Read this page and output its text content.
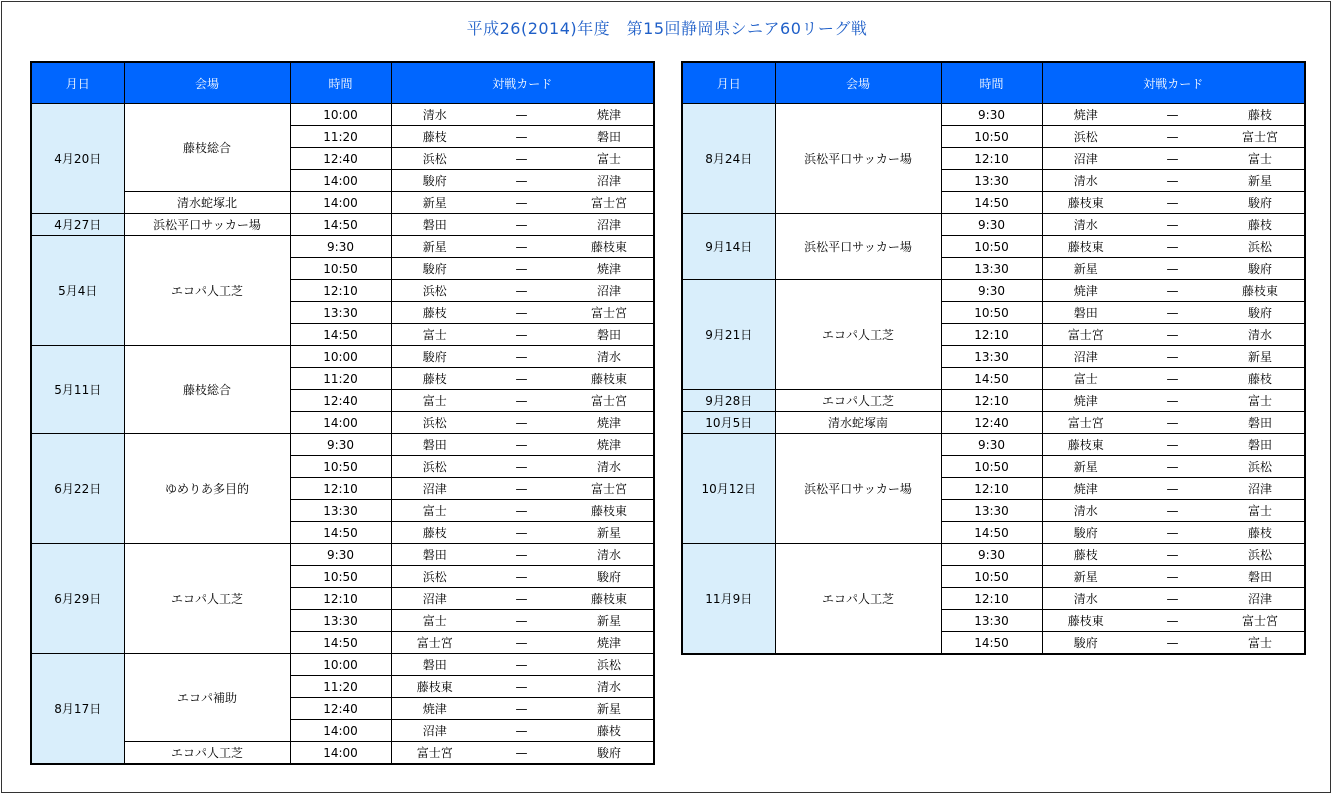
平成26(2014)年度　第15回静岡県シニア60リーグ戦
月日	会場	時間	対戦カード		
4月20日	藤枝総合	10:00	清水	—	焼津
		11:20	藤枝	—	磐田
		12:40	浜松	—	富士
		14:00	駿府	—	沼津
	清水蛇塚北	14:00	新星	—	富士宮
4月27日	浜松平口サッカー場	14:50	磐田	—	沼津
5月4日	エコパ人工芝	9:30	新星	—	藤枝東
		10:50	駿府	—	焼津
		12:10	浜松	—	沼津
		13:30	藤枝	—	富士宮
		14:50	富士	—	磐田
5月11日	藤枝総合	10:00	駿府	—	清水
		11:20	藤枝	—	藤枝東
		12:40	富士	—	富士宮
		14:00	浜松	—	焼津
6月22日	ゆめりあ多目的	9:30	磐田	—	焼津
		10:50	浜松	—	清水
		12:10	沼津	—	富士宮
		13:30	富士	—	藤枝東
		14:50	藤枝	—	新星
6月29日	エコパ人工芝	9:30	磐田	—	清水
		10:50	浜松	—	駿府
		12:10	沼津	—	藤枝東
		13:30	富士	—	新星
		14:50	富士宮	—	焼津
8月17日	エコパ補助	10:00	磐田	—	浜松
		11:20	藤枝東	—	清水
		12:40	焼津	—	新星
		14:00	沼津	—	藤枝
	エコパ人工芝	14:00	富士宮	—	駿府
月日	会場	時間	対戦カード		
8月24日	浜松平口サッカー場	9:30	焼津	—	藤枝
		10:50	浜松	—	富士宮
		12:10	沼津	—	富士
		13:30	清水	—	新星
		14:50	藤枝東	—	駿府
9月14日	浜松平口サッカー場	9:30	清水	—	藤枝
		10:50	藤枝東	—	浜松
		13:30	新星	—	駿府
9月21日	エコパ人工芝	9:30	焼津	—	藤枝東
		10:50	磐田	—	駿府
		12:10	富士宮	—	清水
		13:30	沼津	—	新星
		14:50	富士	—	藤枝
9月28日	エコパ人工芝	12:10	焼津	—	富士
10月5日	清水蛇塚南	12:40	富士宮	—	磐田
10月12日	浜松平口サッカー場	9:30	藤枝東	—	磐田
		10:50	新星	—	浜松
		12:10	焼津	—	沼津
		13:30	清水	—	富士
		14:50	駿府	—	藤枝
11月9日	エコパ人工芝	9:30	藤枝	—	浜松
		10:50	新星	—	磐田
		12:10	清水	—	沼津
		13:30	藤枝東	—	富士宮
		14:50	駿府	—	富士
